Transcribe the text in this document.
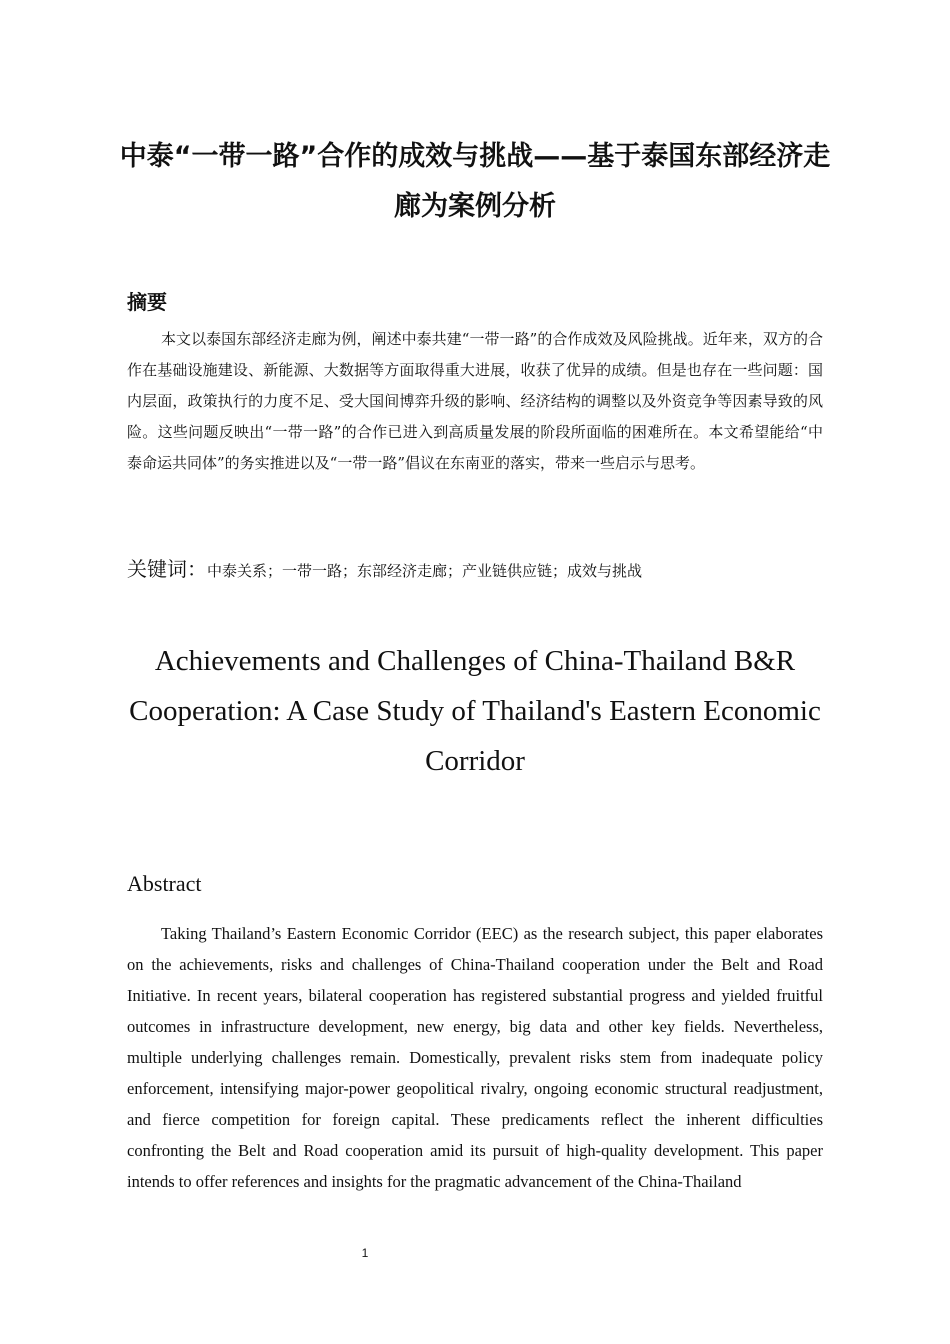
中泰“一带一路”合作的成效与挑战——基于泰国东部经济走廊为案例分析
摘要

本文以泰国东部经济走廊为例，阐述中泰共建“一带一路”的合作成效及风险挑战。近年来，双方的合作在基础设施建设、新能源、大数据等方面取得重大进展，收获了优异的成绩。但是也存在一些问题：国内层面，政策执行的力度不足、受大国间博弈升级的影响、经济结构的调整以及外资竞争等因素导致的风险。这些问题反映出“一带一路”的合作已进入到高质量发展的阶段所面临的困难所在。本文希望能给“中泰命运共同体”的务实推进以及“一带一路”倡议在东南亚的落实，带来一些启示与思考。

关键词：中泰关系；一带一路；东部经济走廊；产业链供应链；成效与挑战

Achievements and Challenges of China-Thailand B&R Cooperation: A Case Study of Thailand's Eastern Economic Corridor
Abstract

Taking Thailand’s Eastern Economic Corridor (EEC) as the research subject, this paper elaborates on the achievements, risks and challenges of China-Thailand cooperation under the Belt and Road Initiative. In recent years, bilateral cooperation has registered substantial progress and yielded fruitful outcomes in infrastructure development, new energy, big data and other key fields. Nevertheless, multiple underlying challenges remain. Domestically, prevalent risks stem from inadequate policy enforcement, intensifying major-power geopolitical rivalry, ongoing economic structural readjustment, and fierce competition for foreign capital. These predicaments reflect the inherent difficulties confronting the Belt and Road cooperation amid its pursuit of high-quality development. This paper intends to offer references and insights for the pragmatic advancement of the China-Thailand

1
